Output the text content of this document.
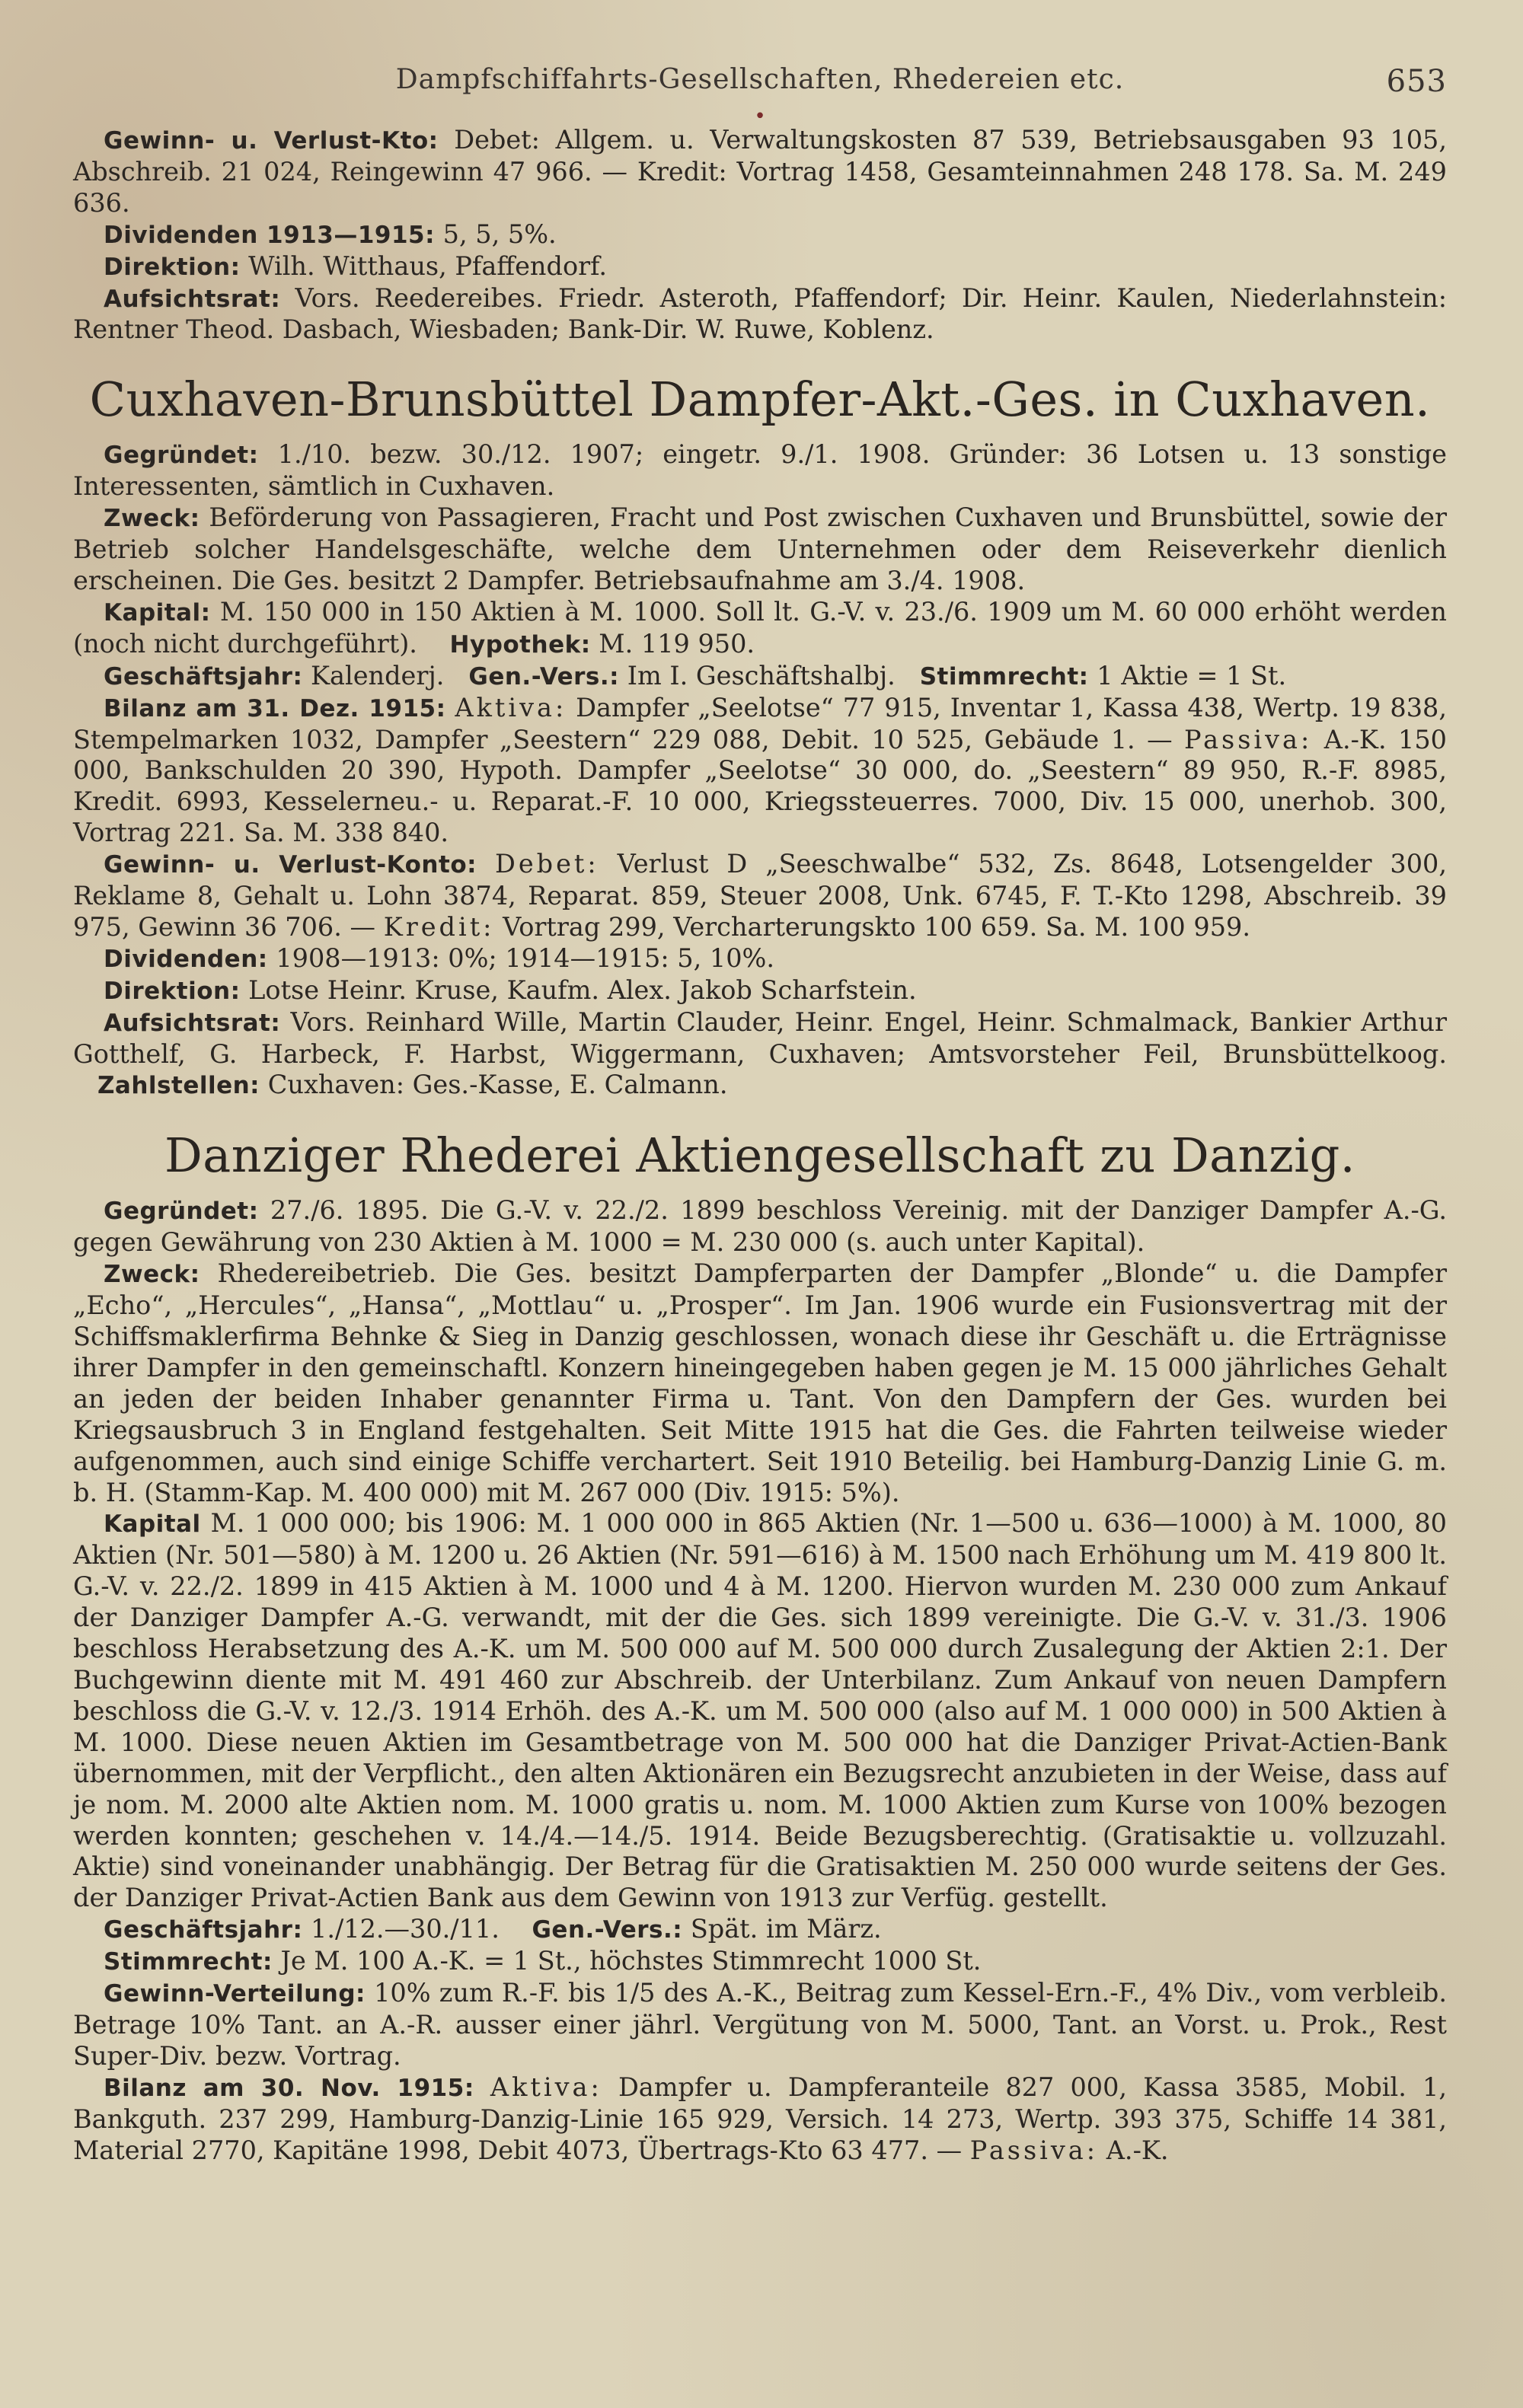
Dampfschiffahrts-Gesellschaften, Rhedereien etc.	653
•

Gewinn- u. Verlust-Kto: Debet: Allgem. u. Verwaltungskosten 87 539, Betriebsausgaben 93 105, Abschreib. 21 024, Reingewinn 47 966. — Kredit: Vortrag 1458, Gesamteinnahmen 248 178. Sa. M. 249 636.

Dividenden 1913—1915: 5, 5, 5%.

Direktion: Wilh. Witthaus, Pfaffendorf.

Aufsichtsrat: Vors. Reedereibes. Friedr. Asteroth, Pfaffendorf; Dir. Heinr. Kaulen, Niederlahnstein: Rentner Theod. Dasbach, Wiesbaden; Bank-Dir. W. Ruwe, Koblenz.

Cuxhaven-Brunsbüttel Dampfer-Akt.-Ges. in Cuxhaven.

Gegründet: 1./10. bezw. 30./12. 1907; eingetr. 9./1. 1908. Gründer: 36 Lotsen u. 13 sonstige Interessenten, sämtlich in Cuxhaven.

Zweck: Beförderung von Passagieren, Fracht und Post zwischen Cuxhaven und Brunsbüttel, sowie der Betrieb solcher Handelsgeschäfte, welche dem Unternehmen oder dem Reiseverkehr dienlich erscheinen. Die Ges. besitzt 2 Dampfer. Betriebsaufnahme am 3./4. 1908.

Kapital: M. 150 000 in 150 Aktien à M. 1000. Soll lt. G.-V. v. 23./6. 1909 um M. 60 000 erhöht werden (noch nicht durchgeführt). Hypothek: M. 119 950.

Geschäftsjahr: Kalenderj. Gen.-Vers.: Im I. Geschäftshalbj. Stimmrecht: 1 Aktie = 1 St.

Bilanz am 31. Dez. 1915: Aktiva: Dampfer „Seelotse“ 77 915, Inventar 1, Kassa 438, Wertp. 19 838, Stempelmarken 1032, Dampfer „Seestern“ 229 088, Debit. 10 525, Gebäude 1. — Passiva: A.-K. 150 000, Bankschulden 20 390, Hypoth. Dampfer „Seelotse“ 30 000, do. „Seestern“ 89 950, R.-F. 8985, Kredit. 6993, Kesselerneu.- u. Reparat.-F. 10 000, Kriegssteuerres. 7000, Div. 15 000, unerhob. 300, Vortrag 221. Sa. M. 338 840.

Gewinn- u. Verlust-Konto: Debet: Verlust D „Seeschwalbe“ 532, Zs. 8648, Lotsengelder 300, Reklame 8, Gehalt u. Lohn 3874, Reparat. 859, Steuer 2008, Unk. 6745, F. T.-Kto 1298, Abschreib. 39 975, Gewinn 36 706. — Kredit: Vortrag 299, Vercharterungskto 100 659. Sa. M. 100 959.

Dividenden: 1908—1913: 0%; 1914—1915: 5, 10%.

Direktion: Lotse Heinr. Kruse, Kaufm. Alex. Jakob Scharfstein.

Aufsichtsrat: Vors. Reinhard Wille, Martin Clauder, Heinr. Engel, Heinr. Schmalmack, Bankier Arthur Gotthelf, G. Harbeck, F. Harbst, Wiggermann, Cuxhaven; Amtsvorsteher Feil, Brunsbüttelkoog.    Zahlstellen: Cuxhaven: Ges.-Kasse, E. Calmann.

Danziger Rhederei Aktiengesellschaft zu Danzig.

Gegründet: 27./6. 1895. Die G.-V. v. 22./2. 1899 beschloss Vereinig. mit der Danziger Dampfer A.-G. gegen Gewährung von 230 Aktien à M. 1000 = M. 230 000 (s. auch unter Kapital).

Zweck: Rhedereibetrieb. Die Ges. besitzt Dampferparten der Dampfer „Blonde“ u. die Dampfer „Echo“, „Hercules“, „Hansa“, „Mottlau“ u. „Prosper“. Im Jan. 1906 wurde ein Fusionsvertrag mit der Schiffsmaklerfirma Behnke & Sieg in Danzig geschlossen, wonach diese ihr Geschäft u. die Erträgnisse ihrer Dampfer in den gemeinschaftl. Konzern hineingegeben haben gegen je M. 15 000 jährliches Gehalt an jeden der beiden Inhaber genannter Firma u. Tant. Von den Dampfern der Ges. wurden bei Kriegsausbruch 3 in England festgehalten. Seit Mitte 1915 hat die Ges. die Fahrten teilweise wieder aufgenommen, auch sind einige Schiffe verchartert. Seit 1910 Beteilig. bei Hamburg-Danzig Linie G. m. b. H. (Stamm-Kap. M. 400 000) mit M. 267 000 (Div. 1915: 5%).

Kapital M. 1 000 000; bis 1906: M. 1 000 000 in 865 Aktien (Nr. 1—500 u. 636—1000) à M. 1000, 80 Aktien (Nr. 501—580) à M. 1200 u. 26 Aktien (Nr. 591—616) à M. 1500 nach Erhöhung um M. 419 800 lt. G.-V. v. 22./2. 1899 in 415 Aktien à M. 1000 und 4 à M. 1200. Hiervon wurden M. 230 000 zum Ankauf der Danziger Dampfer A.-G. verwandt, mit der die Ges. sich 1899 vereinigte. Die G.-V. v. 31./3. 1906 beschloss Herabsetzung des A.-K. um M. 500 000 auf M. 500 000 durch Zusalegung der Aktien 2:1. Der Buchgewinn diente mit M. 491 460 zur Abschreib. der Unterbilanz. Zum Ankauf von neuen Dampfern beschloss die G.-V. v. 12./3. 1914 Erhöh. des A.-K. um M. 500 000 (also auf M. 1 000 000) in 500 Aktien à M. 1000. Diese neuen Aktien im Gesamtbetrage von M. 500 000 hat die Danziger Privat-Actien-Bank übernommen, mit der Verpflicht., den alten Aktionären ein Bezugsrecht anzubieten in der Weise, dass auf je nom. M. 2000 alte Aktien nom. M. 1000 gratis u. nom. M. 1000 Aktien zum Kurse von 100% bezogen werden konnten; geschehen v. 14./4.—14./5. 1914. Beide Bezugsberechtig. (Gratisaktie u. vollzuzahl. Aktie) sind voneinander unabhängig. Der Betrag für die Gratisaktien M. 250 000 wurde seitens der Ges. der Danziger Privat-Actien Bank aus dem Gewinn von 1913 zur Verfüg. gestellt.

Geschäftsjahr: 1./12.—30./11. Gen.-Vers.: Spät. im März.

Stimmrecht: Je M. 100 A.-K. = 1 St., höchstes Stimmrecht 1000 St.

Gewinn-Verteilung: 10% zum R.-F. bis 1/5 des A.-K., Beitrag zum Kessel-Ern.-F., 4% Div., vom verbleib. Betrage 10% Tant. an A.-R. ausser einer jährl. Vergütung von M. 5000, Tant. an Vorst. u. Prok., Rest Super-Div. bezw. Vortrag.

Bilanz am 30. Nov. 1915: Aktiva: Dampfer u. Dampferanteile 827 000, Kassa 3585, Mobil. 1, Bankguth. 237 299, Hamburg-Danzig-Linie 165 929, Versich. 14 273, Wertp. 393 375, Schiffe 14 381, Material 2770, Kapitäne 1998, Debit 4073, Übertrags-Kto 63 477. — Passiva: A.-K.
